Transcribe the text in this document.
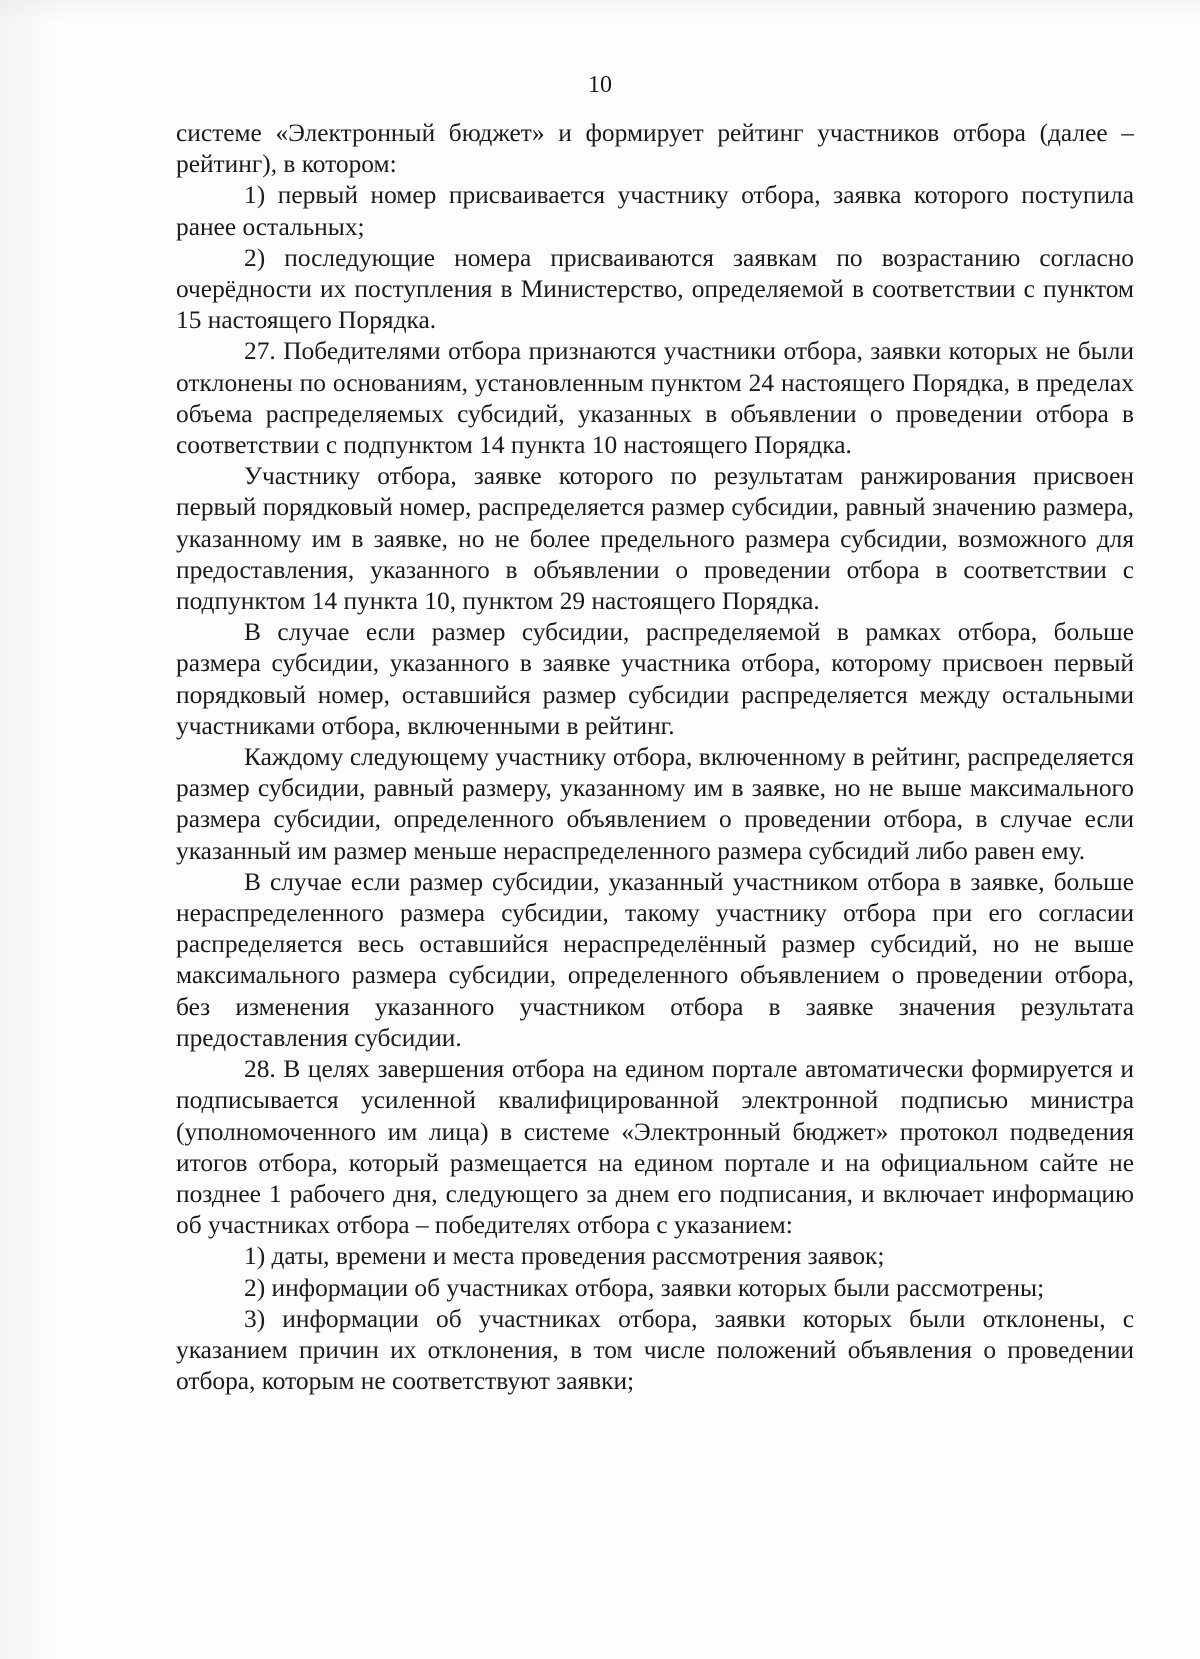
10

системе «Электронный бюджет» и формирует рейтинг участников отбора (далее – рейтинг), в котором:

1) первый номер присваивается участнику отбора, заявка которого поступила ранее остальных;

2) последующие номера присваиваются заявкам по возрастанию согласно очерёдности их поступления в Министерство, определяемой в соответствии с пунктом 15 настоящего Порядка.

27. Победителями отбора признаются участники отбора, заявки которых не были отклонены по основаниям, установленным пунктом 24 настоящего Порядка, в пределах объема распределяемых субсидий, указанных в объявлении о проведении отбора в соответствии с подпунктом 14 пункта 10 настоящего Порядка.

Участнику отбора, заявке которого по результатам ранжирования присвоен первый порядковый номер, распределяется размер субсидии, равный значению размера, указанному им в заявке, но не более предельного размера субсидии, возможного для предоставления, указанного в объявлении о проведении отбора в соответствии с подпунктом 14 пункта 10, пунктом 29 настоящего Порядка.

В случае если размер субсидии, распределяемой в рамках отбора, больше размера субсидии, указанного в заявке участника отбора, которому присвоен первый порядковый номер, оставшийся размер субсидии распределяется между остальными участниками отбора, включенными в рейтинг.

Каждому следующему участнику отбора, включенному в рейтинг, распределяется размер субсидии, равный размеру, указанному им в заявке, но не выше максимального размера субсидии, определенного объявлением о проведении отбора, в случае если указанный им размер меньше нераспределенного размера субсидий либо равен ему.

В случае если размер субсидии, указанный участником отбора в заявке, больше нераспределенного размера субсидии, такому участнику отбора при его согласии распределяется весь оставшийся нераспределённый размер субсидий, но не выше максимального размера субсидии, определенного объявлением о проведении отбора, без изменения указанного участником отбора в заявке значения результата предоставления субсидии.

28. В целях завершения отбора на едином портале автоматически формируется и подписывается усиленной квалифицированной электронной подписью министра (уполномоченного им лица) в системе «Электронный бюджет» протокол подведения итогов отбора, который размещается на едином портале и на официальном сайте не позднее 1 рабочего дня, следующего за днем его подписания, и включает информацию об участниках отбора – победителях отбора с указанием:

1) даты, времени и места проведения рассмотрения заявок;

2) информации об участниках отбора, заявки которых были рассмотрены;

3) информации об участниках отбора, заявки которых были отклонены, с указанием причин их отклонения, в том числе положений объявления о проведении отбора, которым не соответствуют заявки;
